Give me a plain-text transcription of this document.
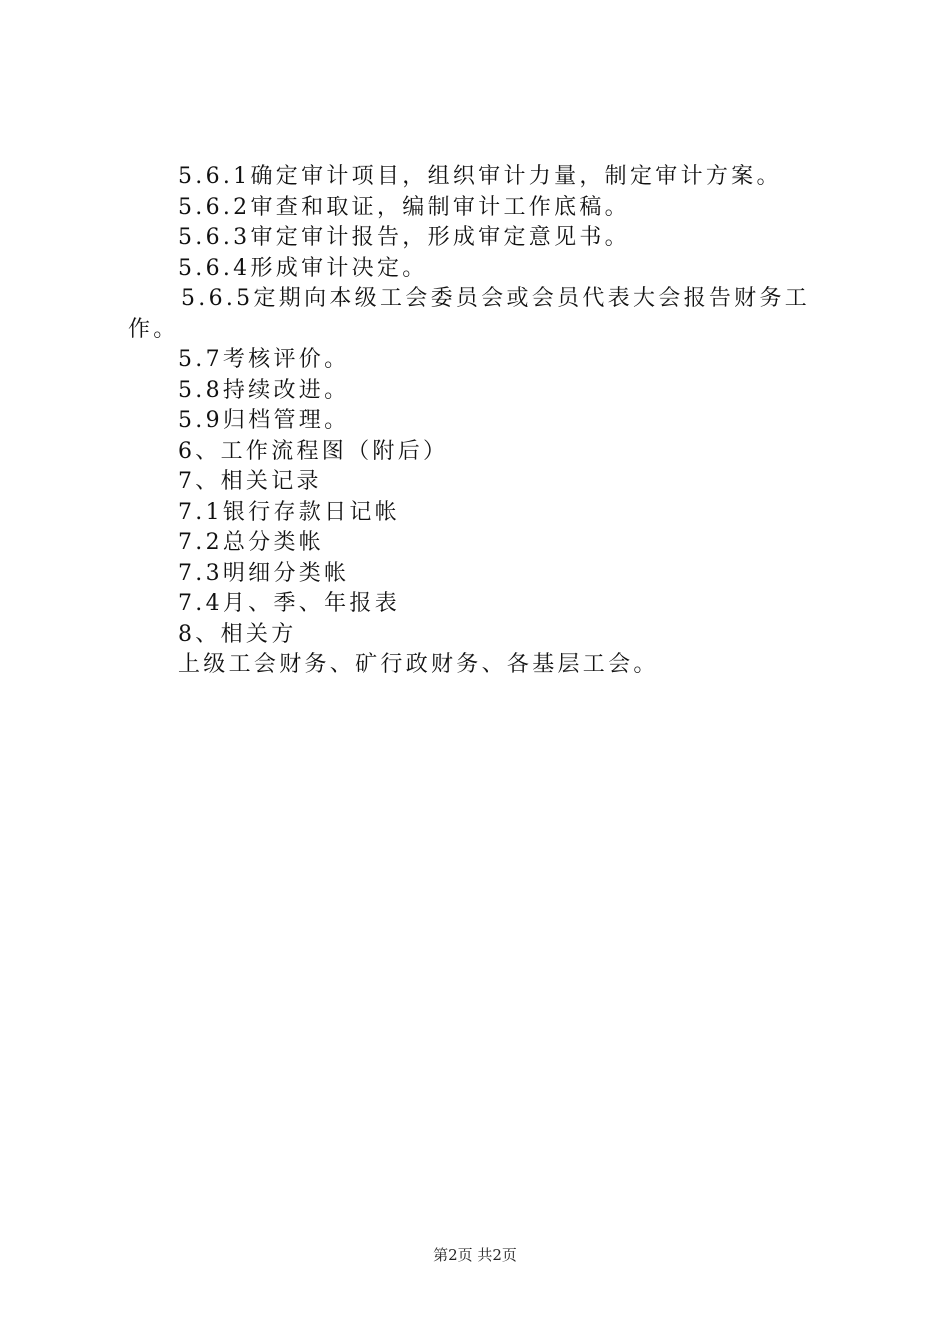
5.6.1确定审计项目，组织审计力量，制定审计方案。

5.6.2审查和取证，编制审计工作底稿。

5.6.3审定审计报告，形成审定意见书。

5.6.4形成审计决定。

5.6.5定期向本级工会委员会或会员代表大会报告财务工作。

5.7考核评价。

5.8持续改进。

5.9归档管理。

6、工作流程图（附后）

7、相关记录

7.1银行存款日记帐

7.2总分类帐

7.3明细分类帐

7.4月、季、年报表

8、相关方

上级工会财务、矿行政财务、各基层工会。

第2页 共2页
